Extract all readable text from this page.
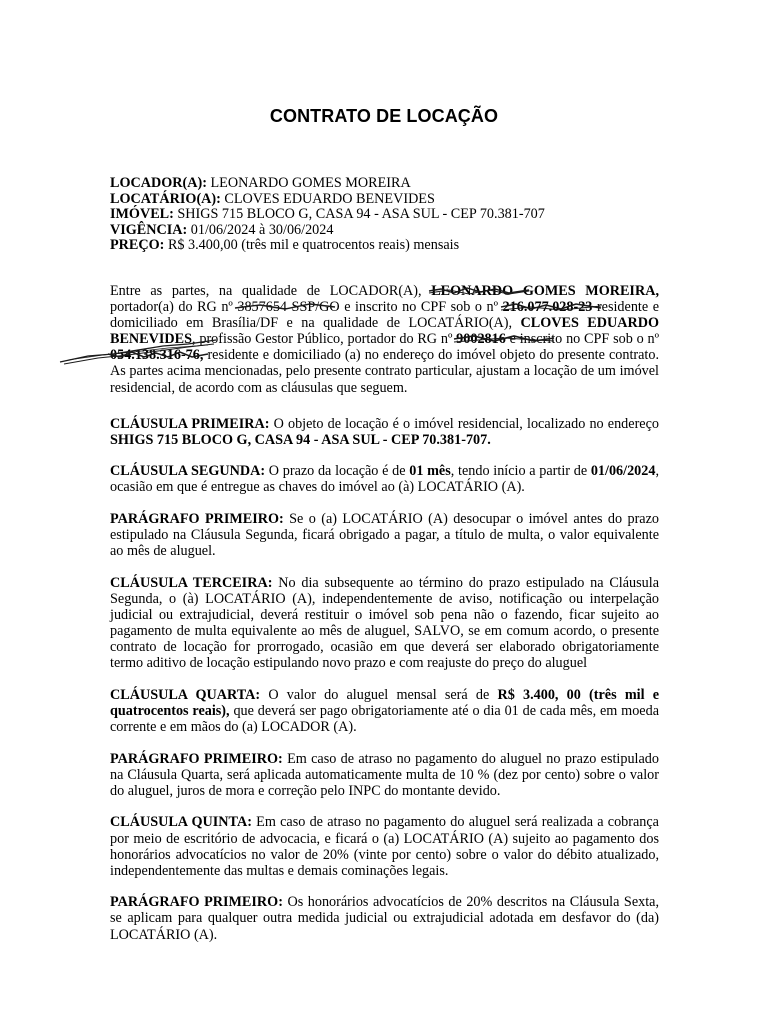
CONTRATO DE LOCAÇÃO
LOCADOR(A): LEONARDO GOMES MOREIRA
LOCATÁRIO(A): CLOVES EDUARDO BENEVIDES
IMÓVEL: SHIGS 715 BLOCO G, CASA 94 - ASA SUL - CEP 70.381-707
VIGÊNCIA: 01/06/2024 à 30/06/2024
PREÇO: R$ 3.400,00 (três mil e quatrocentos reais) mensais

Entre as partes, na qualidade de LOCADOR(A), LEONARDO GOMES MOREIRA,
portador(a) do RG nº 3857654
SSP/GO e inscrito no CPF sob o nº 216.077.028-23
residente e domiciliado em Brasília/DF e na qualidade de LOCATÁRIO(A), CLOVES EDUARDO BENEVIDES, profissão Gestor Público, portador do RG nº 9002816
e inscrito no CPF sob o nº 054.138.316-76,
residente e domiciliado (a) no endereço do imóvel objeto do presente contrato. As partes acima mencionadas, pelo presente contrato particular, ajustam a locação de um imóvel residencial, de acordo com as cláusulas que seguem.

CLÁUSULA PRIMEIRA: O objeto de locação é o imóvel residencial, localizado no endereço SHIGS 715 BLOCO G, CASA 94 - ASA SUL - CEP 70.381-707.

CLÁUSULA SEGUNDA: O prazo da locação é de 01 mês, tendo início a partir de 01/06/2024, ocasião em que é entregue as chaves do imóvel ao (à) LOCATÁRIO (A).

PARÁGRAFO PRIMEIRO: Se o (a) LOCATÁRIO (A) desocupar o imóvel antes do prazo estipulado na Cláusula Segunda, ficará obrigado a pagar, a título de multa, o valor equivalente ao mês de aluguel.

CLÁUSULA TERCEIRA: No dia subsequente ao término do prazo estipulado na Cláusula Segunda, o (à) LOCATÁRIO (A), independentemente de aviso, notificação ou interpelação judicial ou extrajudicial, deverá restituir o imóvel sob pena não o fazendo, ficar sujeito ao pagamento de multa equivalente ao mês de aluguel, SALVO, se em comum acordo, o presente contrato de locação for prorrogado, ocasião em que deverá ser elaborado obrigatoriamente termo aditivo de locação estipulando novo prazo e com reajuste do preço do aluguel

CLÁUSULA QUARTA: O valor do aluguel mensal será de R$ 3.400, 00 (três mil e quatrocentos reais), que deverá ser pago obrigatoriamente até o dia 01 de cada mês, em moeda corrente e em mãos do (a) LOCADOR (A).

PARÁGRAFO PRIMEIRO: Em caso de atraso no pagamento do aluguel no prazo estipulado na Cláusula Quarta, será aplicada automaticamente multa de 10 % (dez por cento) sobre o valor do aluguel, juros de mora e correção pelo INPC do montante devido.

CLÁUSULA QUINTA: Em caso de atraso no pagamento do aluguel será realizada a cobrança por meio de escritório de advocacia, e ficará o (a) LOCATÁRIO (A) sujeito ao pagamento dos honorários advocatícios no valor de 20% (vinte por cento) sobre o valor do débito atualizado, independentemente das multas e demais cominações legais.

PARÁGRAFO PRIMEIRO: Os honorários advocatícios de 20% descritos na Cláusula Sexta, se aplicam para qualquer outra medida judicial ou extrajudicial adotada em desfavor do (da) LOCATÁRIO (A).
